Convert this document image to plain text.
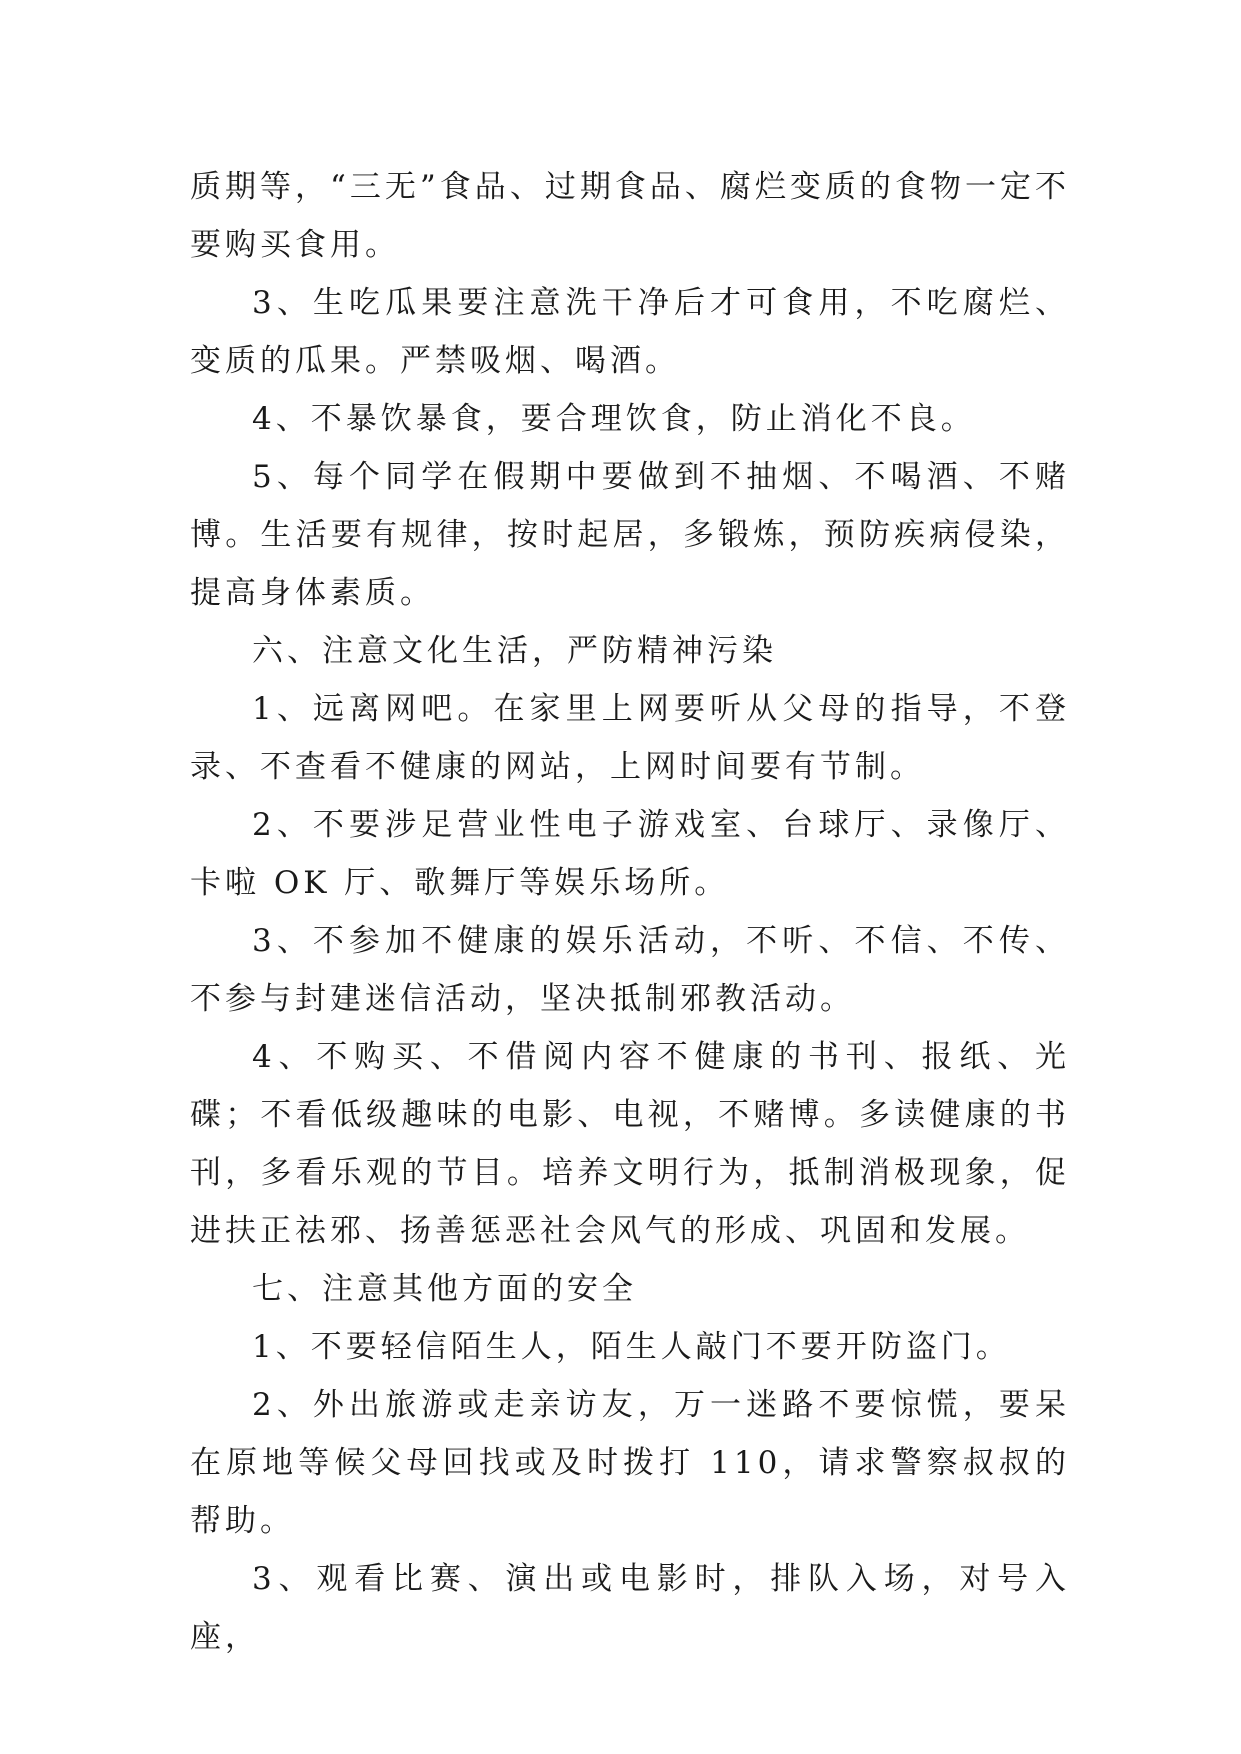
质期等，“三无”食品、过期食品、腐烂变质的食物一定不要购买食用。

3、生吃瓜果要注意洗干净后才可食用，不吃腐烂、变质的瓜果。严禁吸烟、喝酒。

4、不暴饮暴食，要合理饮食，防止消化不良。

5、每个同学在假期中要做到不抽烟、不喝酒、不赌博。生活要有规律，按时起居，多锻炼，预防疾病侵染，提高身体素质。

六、注意文化生活，严防精神污染

1、远离网吧。在家里上网要听从父母的指导，不登录、不查看不健康的网站，上网时间要有节制。

2、不要涉足营业性电子游戏室、台球厅、录像厅、卡啦 OK 厅、歌舞厅等娱乐场所。

3、不参加不健康的娱乐活动，不听、不信、不传、不参与封建迷信活动，坚决抵制邪教活动。

4、不购买、不借阅内容不健康的书刊、报纸、光碟；不看低级趣味的电影、电视，不赌博。多读健康的书刊，多看乐观的节目。培养文明行为，抵制消极现象，促进扶正祛邪、扬善惩恶社会风气的形成、巩固和发展。

七、注意其他方面的安全

1、不要轻信陌生人，陌生人敲门不要开防盗门。

2、外出旅游或走亲访友，万一迷路不要惊慌，要呆在原地等候父母回找或及时拨打 110，请求警察叔叔的帮助。

3、观看比赛、演出或电影时，排队入场，对号入座，
